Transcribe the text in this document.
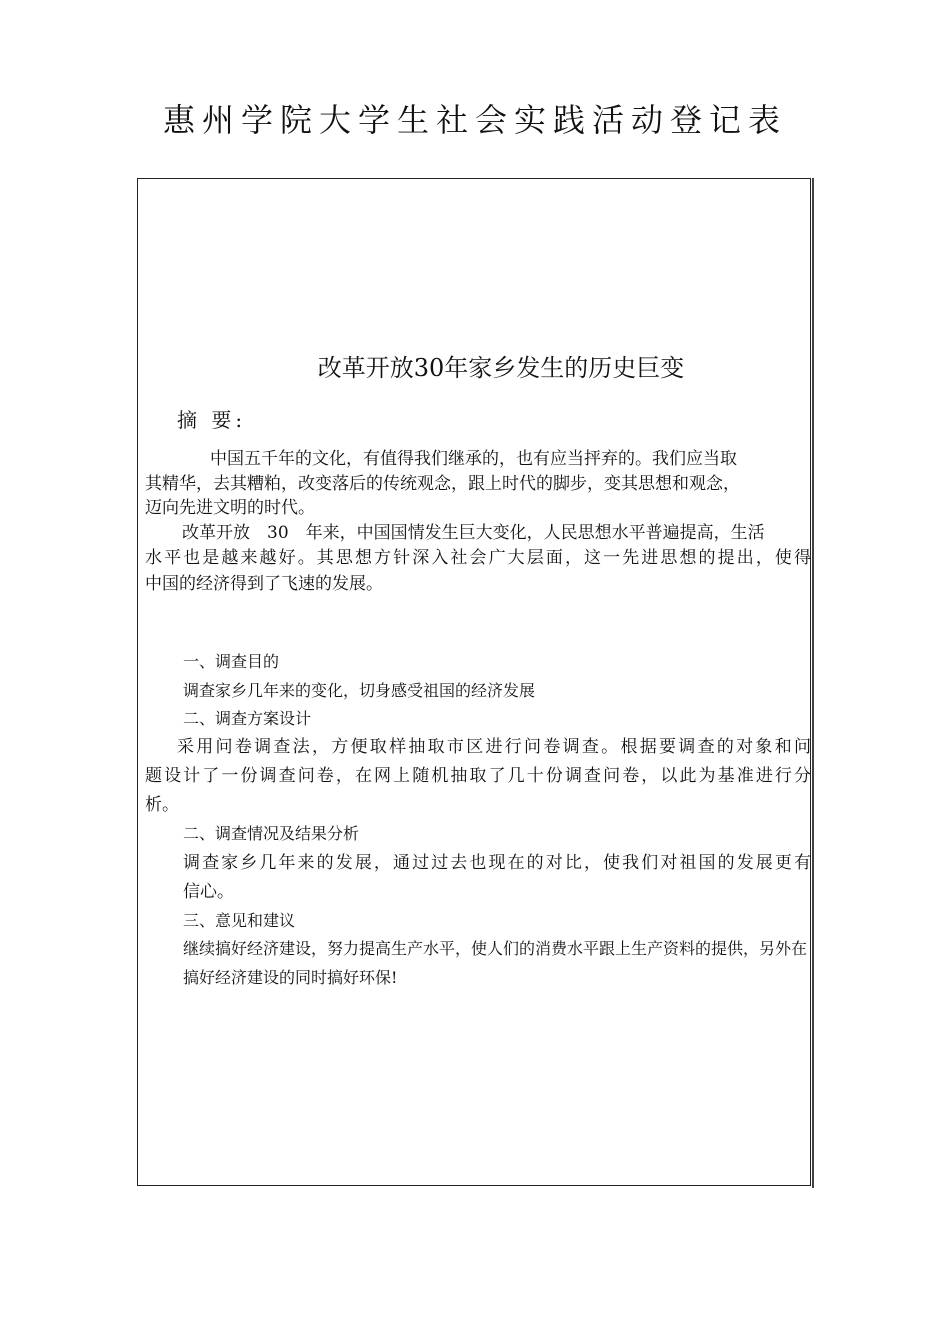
惠州学院大学生社会实践活动登记表
改革开放30年家乡发生的历史巨变
摘 要:
中国五千年的文化，有值得我们继承的，也有应当抨弃的。我们应当取
其精华，去其糟粕，改变落后的传统观念，跟上时代的脚步，变其思想和观念，
迈向先进文明的时代。
改革开放　30　年来，中国国情发生巨大变化，人民思想水平普遍提高，生活
水平也是越来越好。其思想方针深入社会广大层面，这一先进思想的提出，使得
中国的经济得到了飞速的发展。
一、调查目的
调查家乡几年来的变化，切身感受祖国的经济发展
二、调查方案设计
采用问卷调查法，方便取样抽取市区进行问卷调查。根据要调查的对象和问
题设计了一份调查问卷，在网上随机抽取了几十份调查问卷，以此为基准进行分
析。
二、调查情况及结果分析
调查家乡几年来的发展，通过过去也现在的对比，使我们对祖国的发展更有
信心。
三、意见和建议
继续搞好经济建设，努力提高生产水平，使人们的消费水平跟上生产资料的提供，另外在
搞好经济建设的同时搞好环保!
